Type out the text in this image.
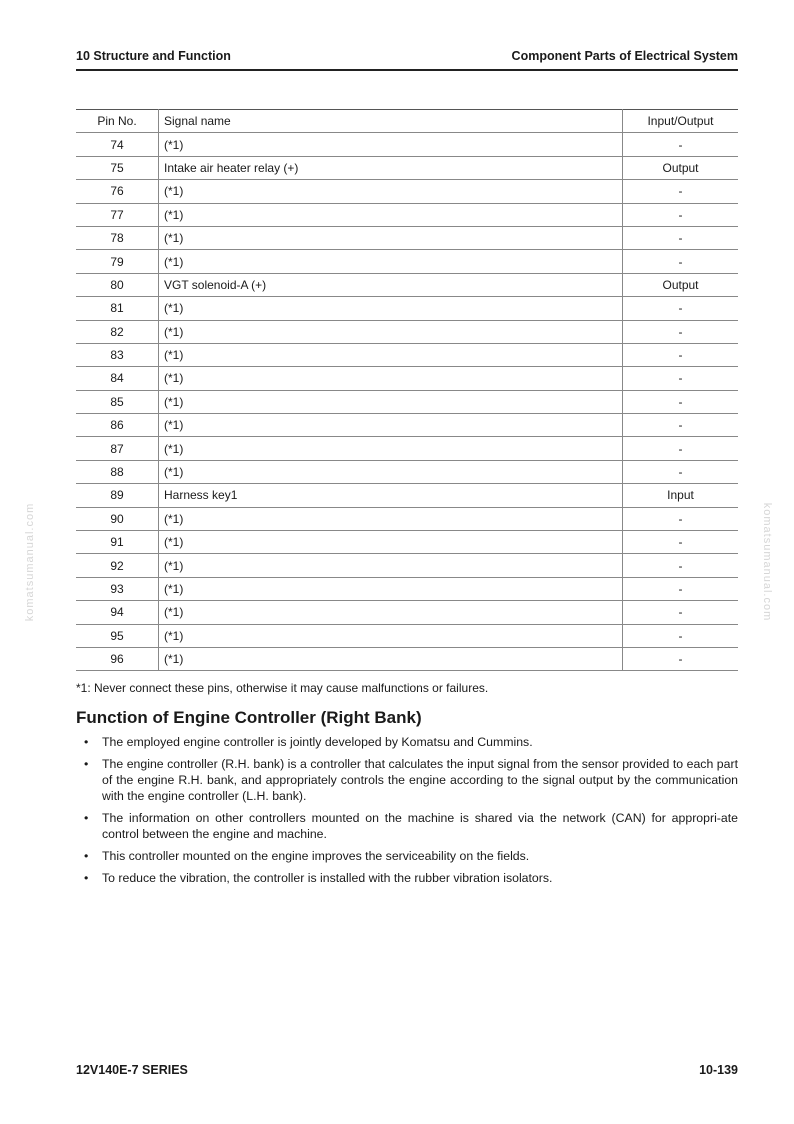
10 Structure and Function	Component Parts of Electrical System
Pin No.	Signal name	Input/Output
74	(*1)	-
75	Intake air heater relay (+)	Output
76	(*1)	-
77	(*1)	-
78	(*1)	-
79	(*1)	-
80	VGT solenoid-A (+)	Output
81	(*1)	-
82	(*1)	-
83	(*1)	-
84	(*1)	-
85	(*1)	-
86	(*1)	-
87	(*1)	-
88	(*1)	-
89	Harness key1	Input
90	(*1)	-
91	(*1)	-
92	(*1)	-
93	(*1)	-
94	(*1)	-
95	(*1)	-
96	(*1)	-
*1: Never connect these pins, otherwise it may cause malfunctions or failures.
Function of Engine Controller (Right Bank)
• The employed engine controller is jointly developed by Komatsu and Cummins.
• The engine controller (R.H. bank) is a controller that calculates the input signal from the sensor provided to each part of the engine R.H. bank, and appropriately controls the engine according to the signal output by the communication with the engine controller (L.H. bank).
• The information on other controllers mounted on the machine is shared via the network (CAN) for appropri-ate control between the engine and machine.
• This controller mounted on the engine improves the serviceability on the fields.
• To reduce the vibration, the controller is installed with the rubber vibration isolators.
12V140E-7 SERIES	10-139
komatsumanual.com	komatsumanual.com
